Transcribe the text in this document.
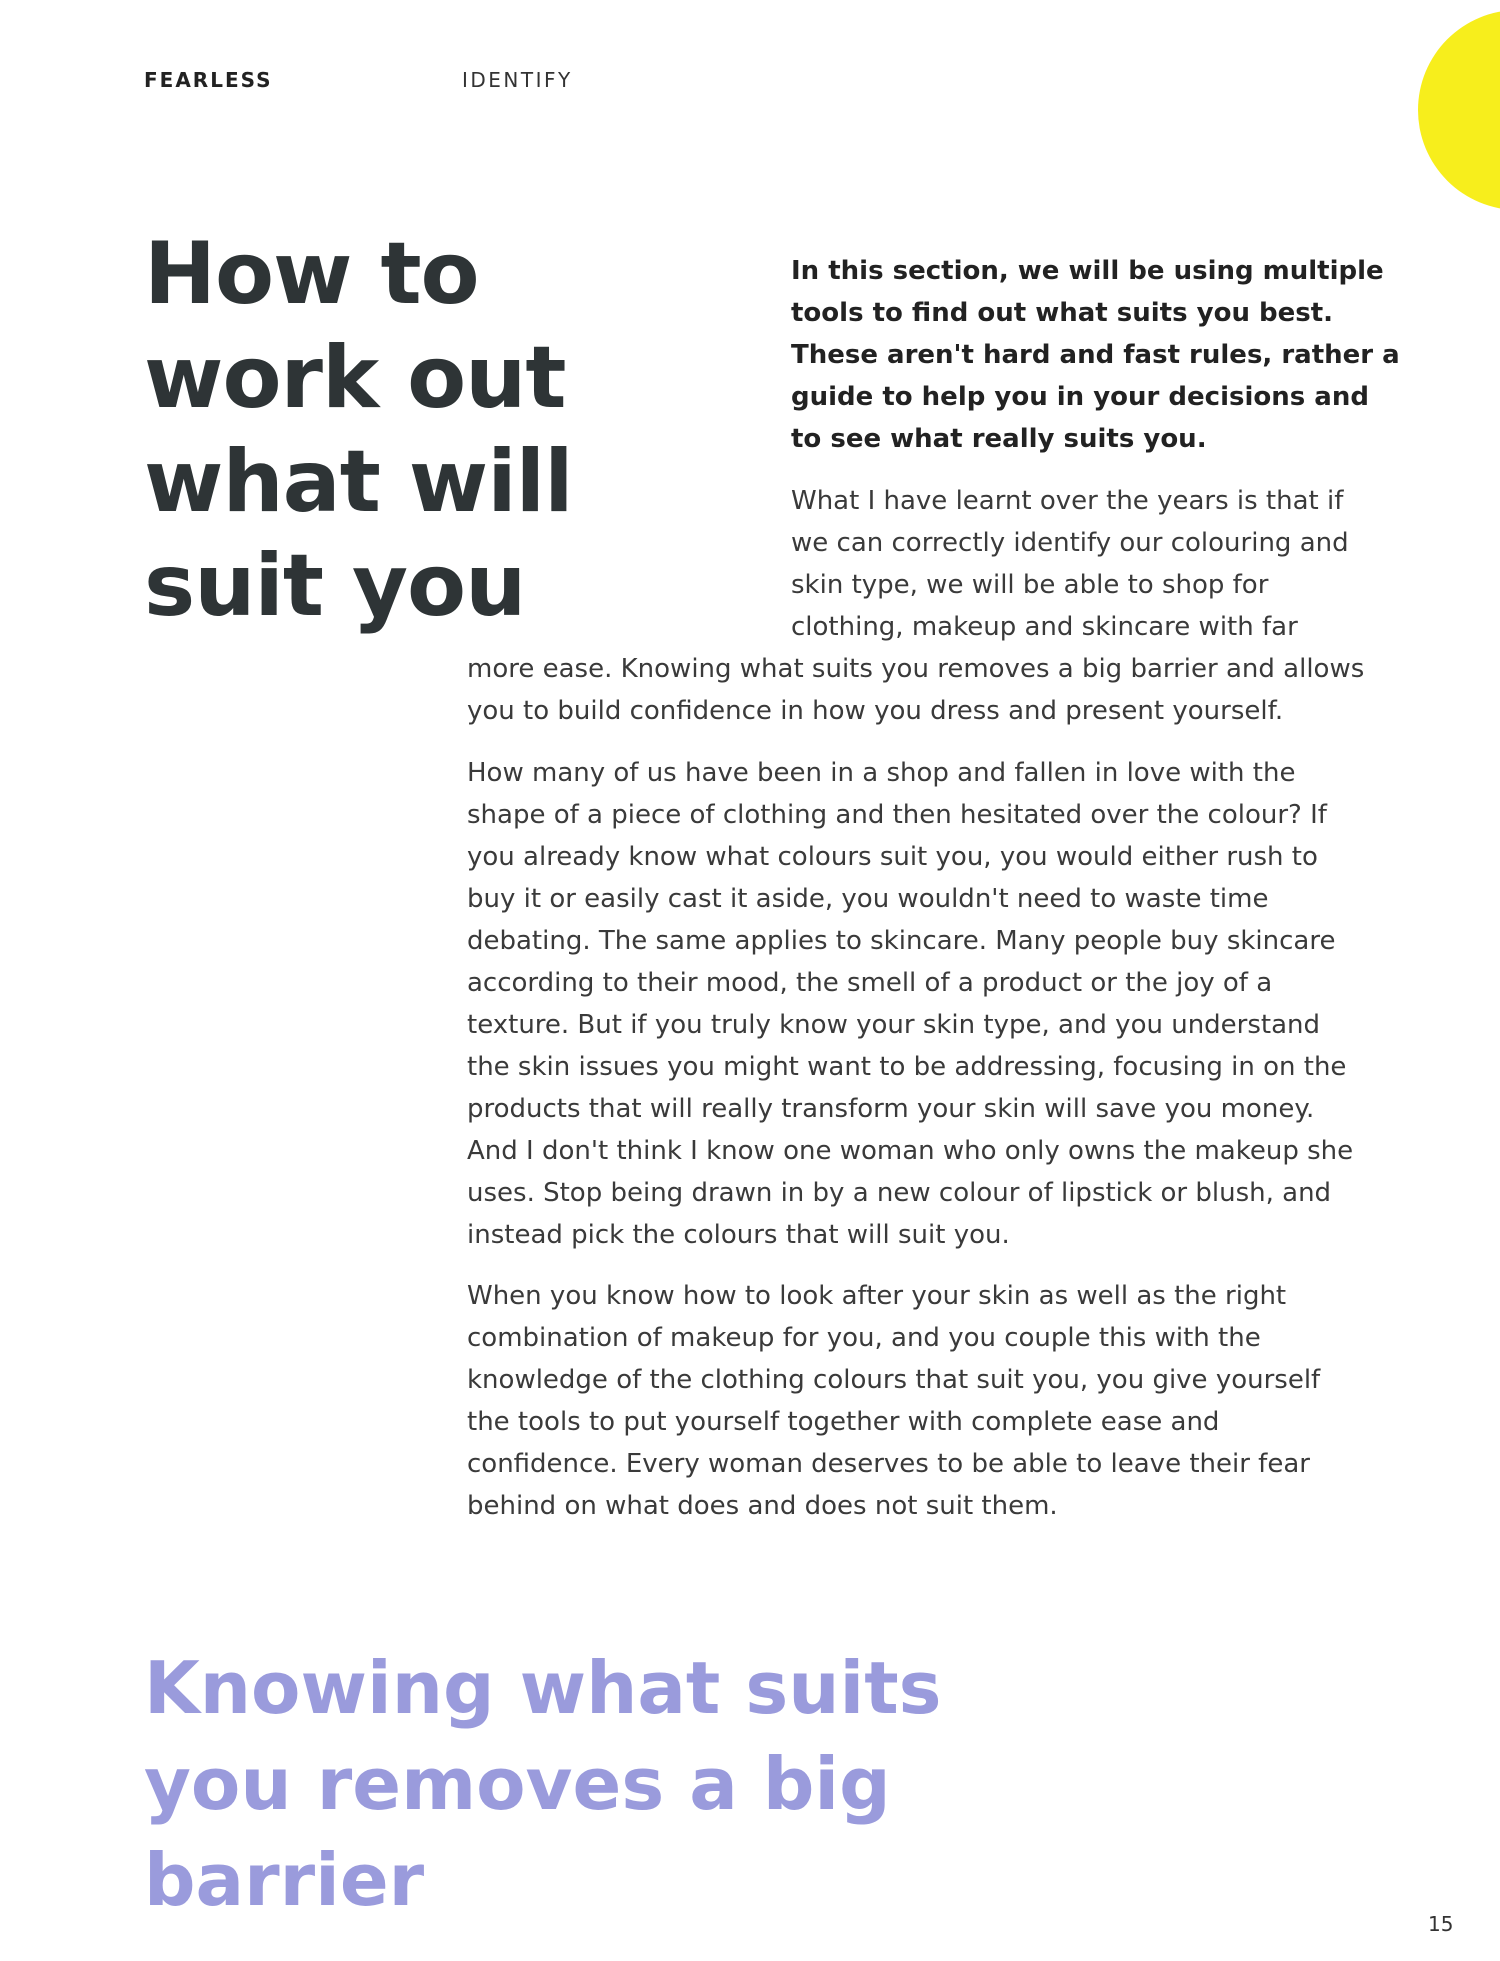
FEARLESS	IDENTIFY
How to work out what will suit you

In this section, we will be using multiple tools to find out what suits you best. These aren't hard and fast rules, rather a guide to help you in your decisions and to see what really suits you.

What I have learnt over the years is that if we can correctly identify our colouring and skin type, we will be able to shop for clothing, makeup and skincare with far

more ease. Knowing what suits you removes a big barrier and allows you to build confidence in how you dress and present yourself.

How many of us have been in a shop and fallen in love with the shape of a piece of clothing and then hesitated over the colour? If you already know what colours suit you, you would either rush to buy it or easily cast it aside, you wouldn't need to waste time debating. The same applies to skincare. Many people buy skincare according to their mood, the smell of a product or the joy of a texture. But if you truly know your skin type, and you understand the skin issues you might want to be addressing, focusing in on the products that will really transform your skin will save you money. And I don't think I know one woman who only owns the makeup she uses. Stop being drawn in by a new colour of lipstick or blush, and instead pick the colours that will suit you.

When you know how to look after your skin as well as the right combination of makeup for you, and you couple this with the knowledge of the clothing colours that suit you, you give yourself the tools to put yourself together with complete ease and confidence. Every woman deserves to be able to leave their fear behind on what does and does not suit them.

Knowing what suits you removes a big barrier
15
